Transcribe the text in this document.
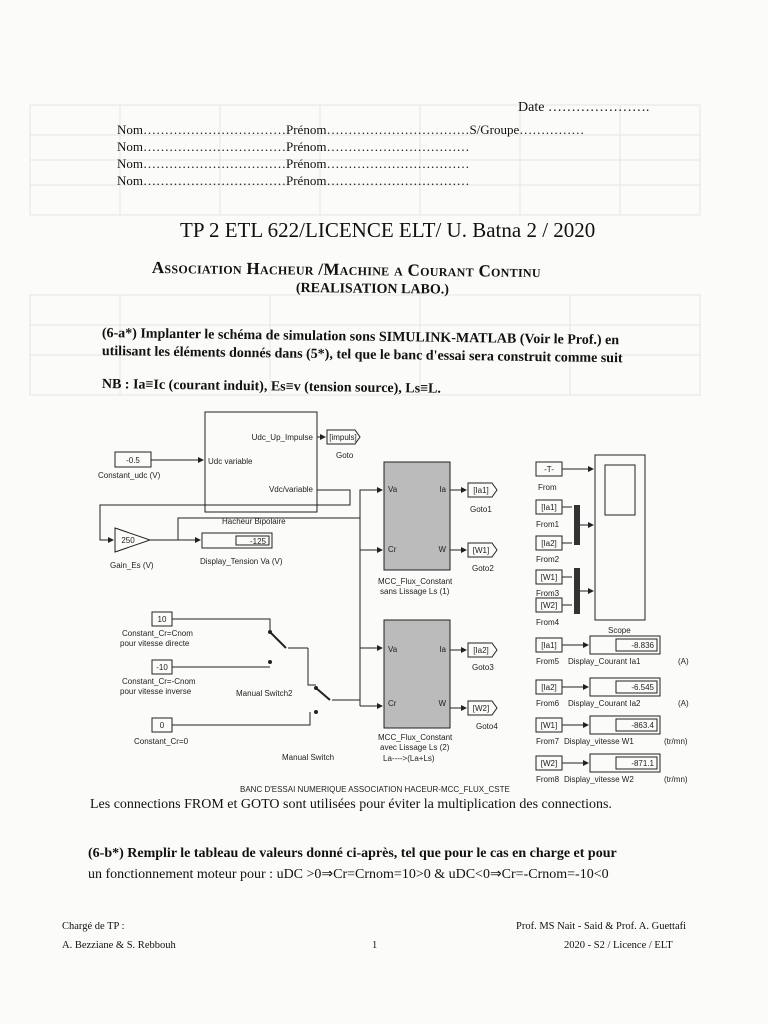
Date ………………….
Nom……………………………Prénom……………………………S/Groupe……………
Nom……………………………Prénom……………………………
Nom……………………………Prénom……………………………
Nom……………………………Prénom……………………………
TP 2 ETL 622/LICENCE ELT/ U. Batna 2 / 2020
Association Hacheur /Machine a Courant Continu
(REALISATION LABO.)
(6-a*) Implanter le schéma de simulation sons SIMULINK-MATLAB (Voir le Prof.) en
utilisant les éléments donnés dans (5*), tel que le banc d'essai sera construit comme suit
NB : Ia≡Ic (courant induit), Es≡v (tension source), Ls≡L.
-0.5
Constant_udc (V)
Udc variable
Udc_Up_Impulse
Vdc/variable
Hacheur Bipolaire
[impuls]
Goto
250
Gain_Es (V)
-125
Display_Tension Va (V)
Va
Cr
Ia
W
MCC_Flux_Constant
sans Lissage Ls (1)
[Ia1]
Goto1
[W1]
Goto2
Va
Cr
Ia
W
MCC_Flux_Constant
avec Lissage Ls (2)
La---->(La+Ls)
[Ia2]
Goto3
[W2]
Goto4
10
Constant_Cr=Cnom
pour vitesse directe
-10
Constant_Cr=-Cnom
pour vitesse inverse
0
Constant_Cr=0
Manual Switch2
Manual Switch
-T-
From
[Ia1]
From1
[Ia2]
From2
[W1]
From3
[W2]
From4
Scope
[Ia1]
From5
-8.836
Display_Courant Ia1	(A)
[Ia2]
From6
-6.545
Display_Courant Ia2	(A)
[W1]
From7
-863.4
Display_vitesse W1	(tr/mn)
[W2]
From8
-871.1
Display_vitesse W2	(tr/mn)
BANC D'ESSAI NUMERIQUE ASSOCIATION HACEUR-MCC_FLUX_CSTE
Les connections FROM et GOTO sont utilisées pour éviter la multiplication des connections.
(6-b*) Remplir le tableau de valeurs donné ci-après, tel que pour le cas en charge et pour
un fonctionnement moteur pour : uDC >0⇒Cr=Crnom=10>0 & uDC<0⇒Cr=-Crnom=-10<0
Chargé de TP :
A. Bezziane & S. Rebbouh	1
Prof. MS Nait - Said & Prof. A. Guettafi
2020 - S2 / Licence / ELT
